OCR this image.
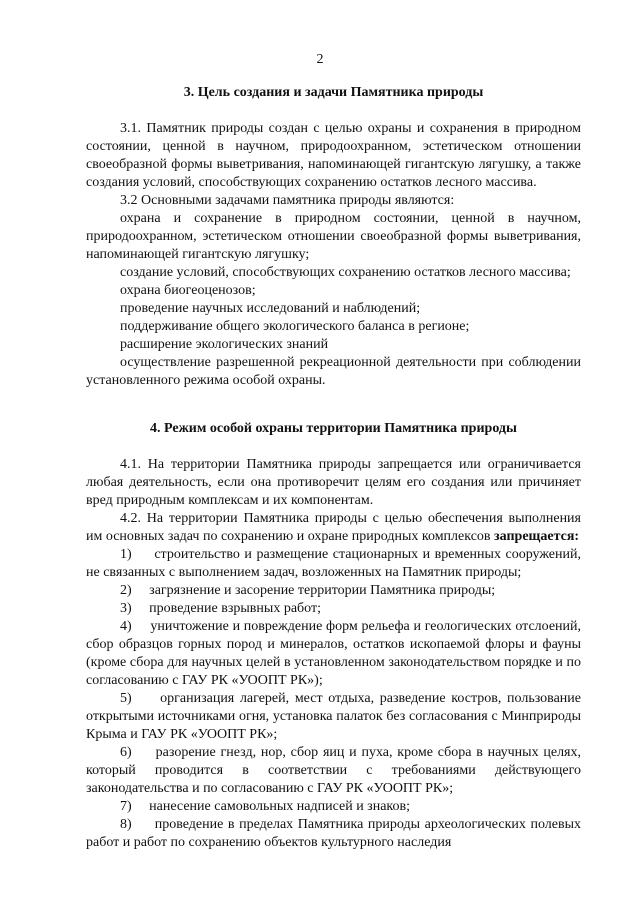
2

3. Цель создания и задачи Памятника природы

3.1. Памятник природы создан с целью охраны и сохранения в природном состоянии, ценной в научном, природоохранном, эстетическом отношении своеобразной формы выветривания, напоминающей гигантскую лягушку, а также создания условий, способствующих сохранению остатков лесного массива.

3.2 Основными задачами памятника природы являются:

охрана и сохранение в природном состоянии, ценной в научном, природоохранном, эстетическом отношении своеобразной формы выветривания, напоминающей гигантскую лягушку;

создание условий, способствующих сохранению остатков лесного массива;

охрана биогеоценозов;

проведение научных исследований и наблюдений;

поддерживание общего экологического баланса в регионе;

расширение экологических знаний

осуществление разрешенной рекреационной деятельности при соблюдении установленного режима особой охраны.

4. Режим особой охраны территории Памятника природы

4.1. На территории Памятника природы запрещается или ограничивается любая деятельность, если она противоречит целям его создания или причиняет вред природным комплексам и их компонентам.

4.2. На территории Памятника природы с целью обеспечения выполнения им основных задач по сохранению и охране природных комплексов запрещается:

1) строительство и размещение стационарных и временных сооружений, не связанных с выполнением задач, возложенных на Памятник природы;

2) загрязнение и засорение территории Памятника природы;

3) проведение взрывных работ;

4) уничтожение и повреждение форм рельефа и геологических отслоений, сбор образцов горных пород и минералов, остатков ископаемой флоры и фауны (кроме сбора для научных целей в установленном законодательством порядке и по согласованию с ГАУ РК «УООПТ РК»);

5) организация лагерей, мест отдыха, разведение костров, пользование открытыми источниками огня, установка палаток без согласования с Минприроды Крыма и ГАУ РК «УООПТ РК»;

6) разорение гнезд, нор, сбор яиц и пуха, кроме сбора в научных целях, который проводится в соответствии с требованиями действующего законодательства и по согласованию с ГАУ РК «УООПТ РК»;

7) нанесение самовольных надписей и знаков;

8) проведение в пределах Памятника природы археологических полевых работ и работ по сохранению объектов культурного наследия
